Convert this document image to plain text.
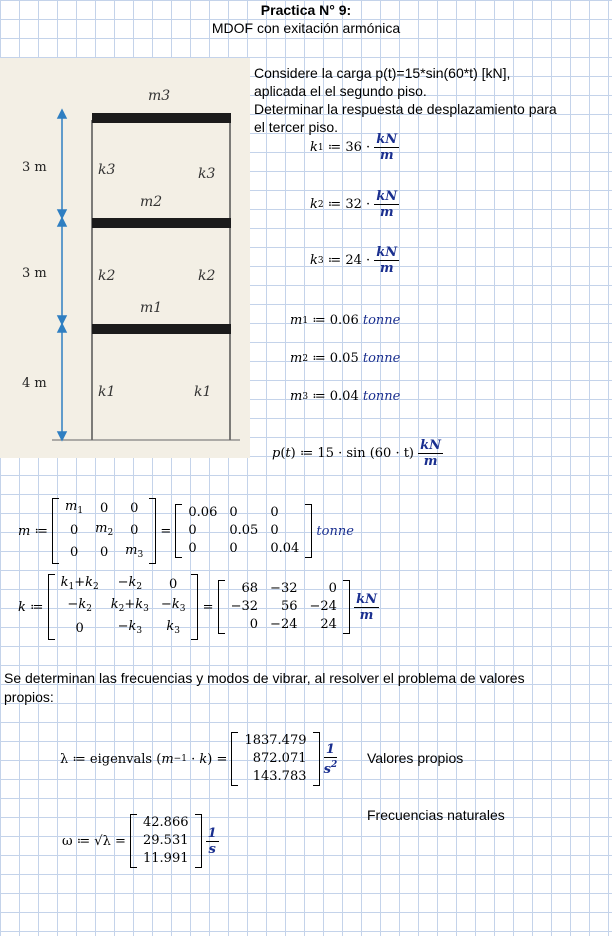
Practica N° 9:
MDOF con exitación armónica
m3
m2
m1
3 m
3 m
4 m
k3	k3
k2	k2
k1	k1
Considere la carga p(t)=15*sin(60*t) [kN],
aplicada el el segundo piso.
Determinar la respuesta de desplazamiento para
el tercer piso.
k 1 ≔ $36 \cdot \frac{kN}{m}$
k 2 ≔ $32 \cdot \frac{kN}{m}$
k 3 ≔ $24 \cdot \frac{kN}{m}$
m 1 ≔ 0.06
tonne
m 2 ≔ 0.05
tonne
m 3 ≔ 0.04
tonne
p ( t )
≔ 15 · sin (60 · t)
$\frac{kN}{m}$
m ≔

$m_1$	0	0
0	$m_2$	0
0	0	$m_3$
=
0.06	0	0
0	0.05	0
0	0	0.04

tonne
k ≔

$k_1+k_2$	$-k_2$	0
$-k_2$	$k_2+k_3$	$-k_3$
0	$-k_3$	$k_3$
=
68	−32	0
−32	56	−24
0	−24	24

$\frac{kN}{m}$
Se determinan las frecuencias y modos de vibrar, al resolver el problema de valores
propios:
λ ≔ eigenvals ( m −1 · k ) =
1837.479
872.071
143.783
$\frac{1}{s^2}$ Valores propios
ω ≔ √λ =

42.866
29.531
11.991

$\frac{1}{s}$
Frecuencias naturales
